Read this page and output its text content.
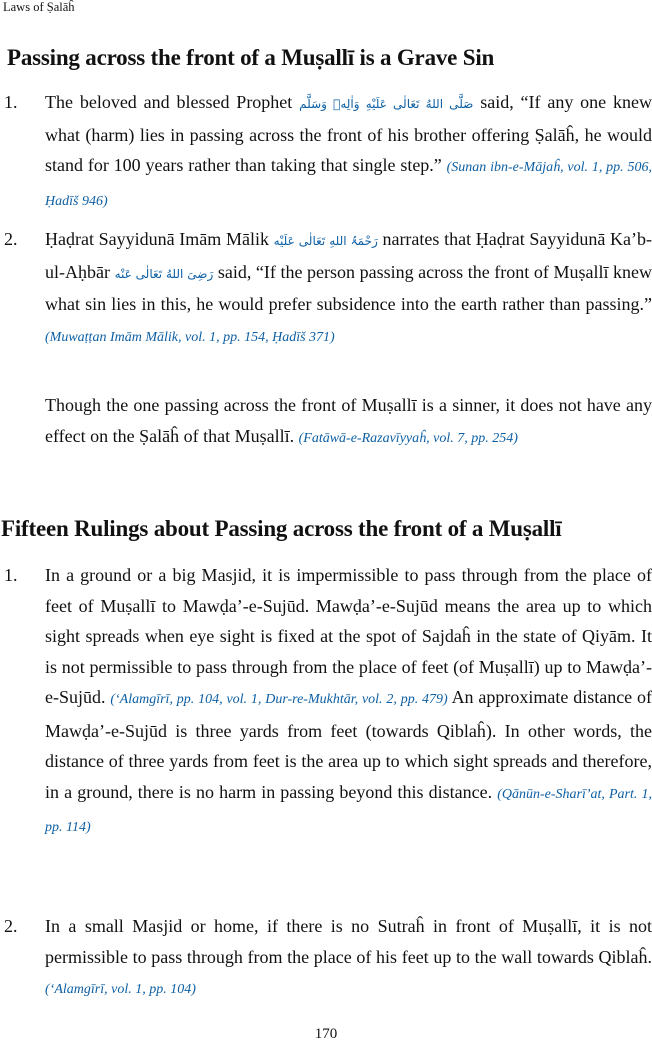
Laws of Ṣalāĥ
Passing across the front of a Muṣallī is a Grave Sin
1. The beloved and blessed Prophet صَلَّی اللهُ تَعَالٰی عَلَیْهِ وَاٰلِهٖ وَسَلَّم said, “If any one knew what (harm) lies in passing across the front of his brother offering Ṣalāĥ, he would stand for 100 years rather than taking that single step.” (Sunan ibn-e-Mājaĥ, vol. 1, pp. 506, Ḥadīš 946)
2. Ḥaḍrat Sayyidunā Imām Mālik رَحْمَۃُ اللهِ تَعَالٰی عَلَیْه narrates that Ḥaḍrat Sayyidunā Ka’b-ul-Aḥbār رَضِیَ اللهُ تَعَالٰی عَنْه said, “If the person passing across the front of Muṣallī knew what sin lies in this, he would prefer subsidence into the earth rather than passing.” (Muwaṭṭan Imām Mālik, vol. 1, pp. 154, Ḥadīš 371)
Though the one passing across the front of Muṣallī is a sinner, it does not have any effect on the Ṣalāĥ of that Muṣallī. (Fatāwā-e-Razavīyyaĥ, vol. 7, pp. 254)
Fifteen Rulings about Passing across the front of a Muṣallī
1. In a ground or a big Masjid, it is impermissible to pass through from the place of feet of Muṣallī to Mawḍa’-e-Sujūd. Mawḍa’-e-Sujūd means the area up to which sight spreads when eye sight is fixed at the spot of Sajdaĥ in the state of Qiyām. It is not permissible to pass through from the place of feet (of Muṣallī) up to Mawḍa’-e-Sujūd. (‘Alamgīrī, pp. 104, vol. 1, Dur-re-Mukhtār, vol. 2, pp. 479) An approximate distance of Mawḍa’-e-Sujūd is three yards from feet (towards Qiblaĥ). In other words, the distance of three yards from feet is the area up to which sight spreads and therefore, in a ground, there is no harm in passing beyond this distance. (Qānūn-e-Sharī’at, Part. 1, pp. 114)
2. In a small Masjid or home, if there is no Sutraĥ in front of Muṣallī, it is not permissible to pass through from the place of his feet up to the wall towards Qiblaĥ. (‘Alamgīrī, vol. 1, pp. 104)
170
